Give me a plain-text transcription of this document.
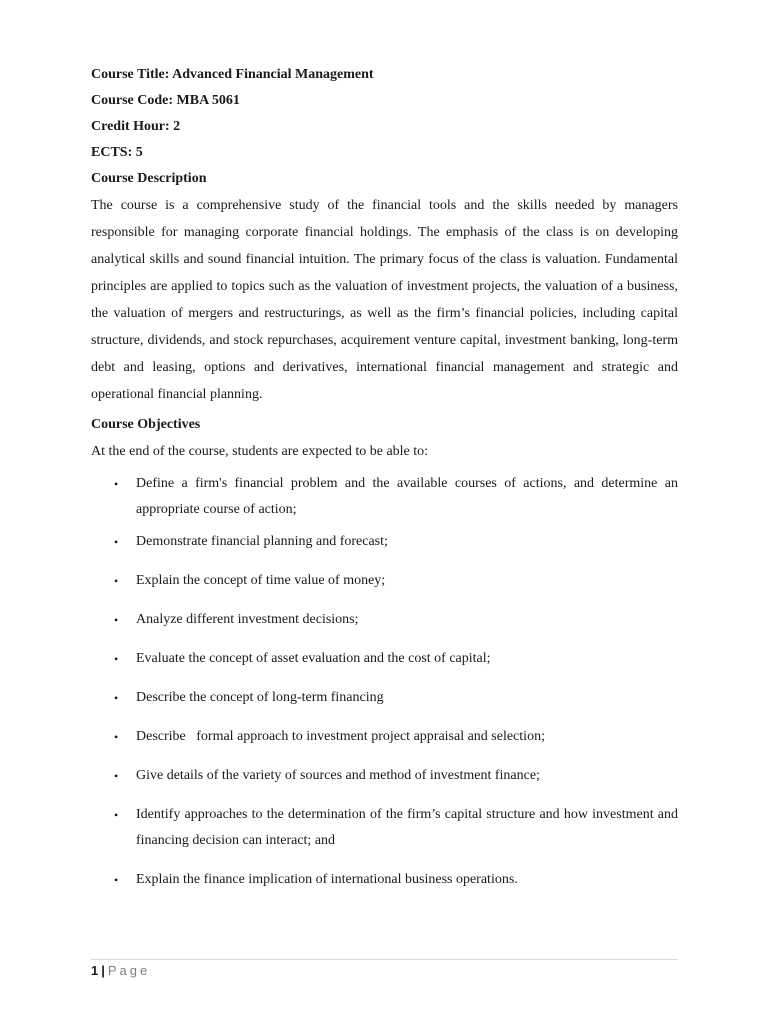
Course Title: Advanced Financial Management

Course Code: MBA 5061

Credit Hour: 2

ECTS: 5

Course Description

The course is a comprehensive study of the financial tools and the skills needed by managers responsible for managing corporate financial holdings. The emphasis of the class is on developing analytical skills and sound financial intuition. The primary focus of the class is valuation. Fundamental principles are applied to topics such as the valuation of investment projects, the valuation of a business, the valuation of mergers and restructurings, as well as the firm’s financial policies, including capital structure, dividends, and stock repurchases, acquirement venture capital, investment banking, long-term debt and leasing, options and derivatives, international financial management and strategic and operational financial planning.

Course Objectives

At the end of the course, students are expected to be able to:

• Define a firm's financial problem and the available courses of actions, and determine an appropriate course of action;
• Demonstrate financial planning and forecast;
• Explain the concept of time value of money;
• Analyze different investment decisions;
• Evaluate the concept of asset evaluation and the cost of capital;
• Describe the concept of long-term financing
• Describe   formal approach to investment project appraisal and selection;
• Give details of the variety of sources and method of investment finance;
• Identify approaches to the determination of the firm’s capital structure and how investment and financing decision can interact; and
• Explain the finance implication of international business operations.
1 | Page
